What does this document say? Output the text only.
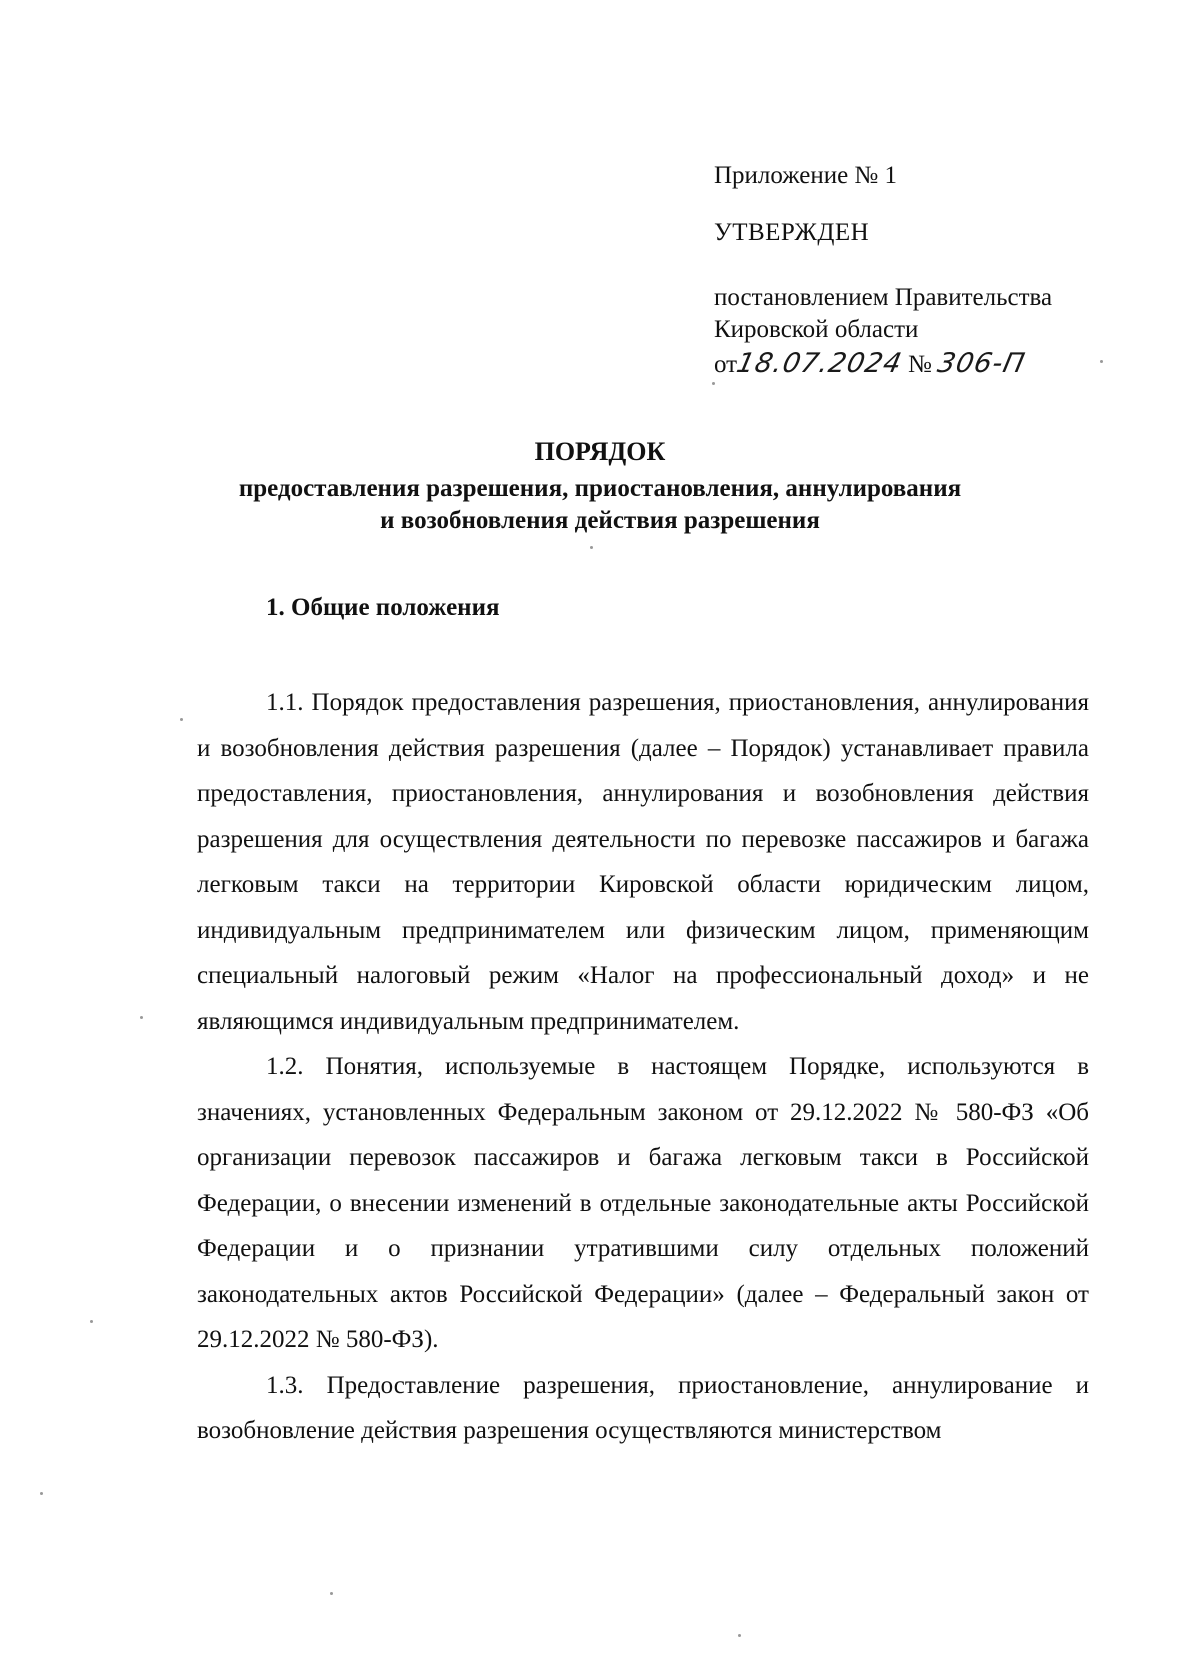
Приложение № 1
УТВЕРЖДЕН
постановлением Правительства
Кировской области
от18.07.2024 № 306-П
ПОРЯДОК
предоставления разрешения, приостановления, аннулирования
и возобновления действия разрешения
1. Общие положения

1.1. Порядок предоставления разрешения, приостановления, аннулирования и возобновления действия разрешения (далее – Порядок) устанавливает правила предоставления, приостановления, аннулирования и возобновления действия разрешения для осуществления деятельности по перевозке пассажиров и багажа легковым такси на территории Кировской области юридическим лицом, индивидуальным предпринимателем или физическим лицом, применяющим специальный налоговый режим «Налог на профессиональный доход» и не являющимся индивидуальным предпринимателем.

1.2. Понятия, используемые в настоящем Порядке, используются в значениях, установленных Федеральным законом от 29.12.2022 № 580-ФЗ «Об организации перевозок пассажиров и багажа легковым такси в Российской Федерации, о внесении изменений в отдельные законодательные акты Российской Федерации и о признании утратившими силу отдельных положений законодательных актов Российской Федерации» (далее – Федеральный закон от 29.12.2022 № 580-ФЗ).

1.3. Предоставление разрешения, приостановление, аннулирование и возобновление действия разрешения осуществляются министерством
